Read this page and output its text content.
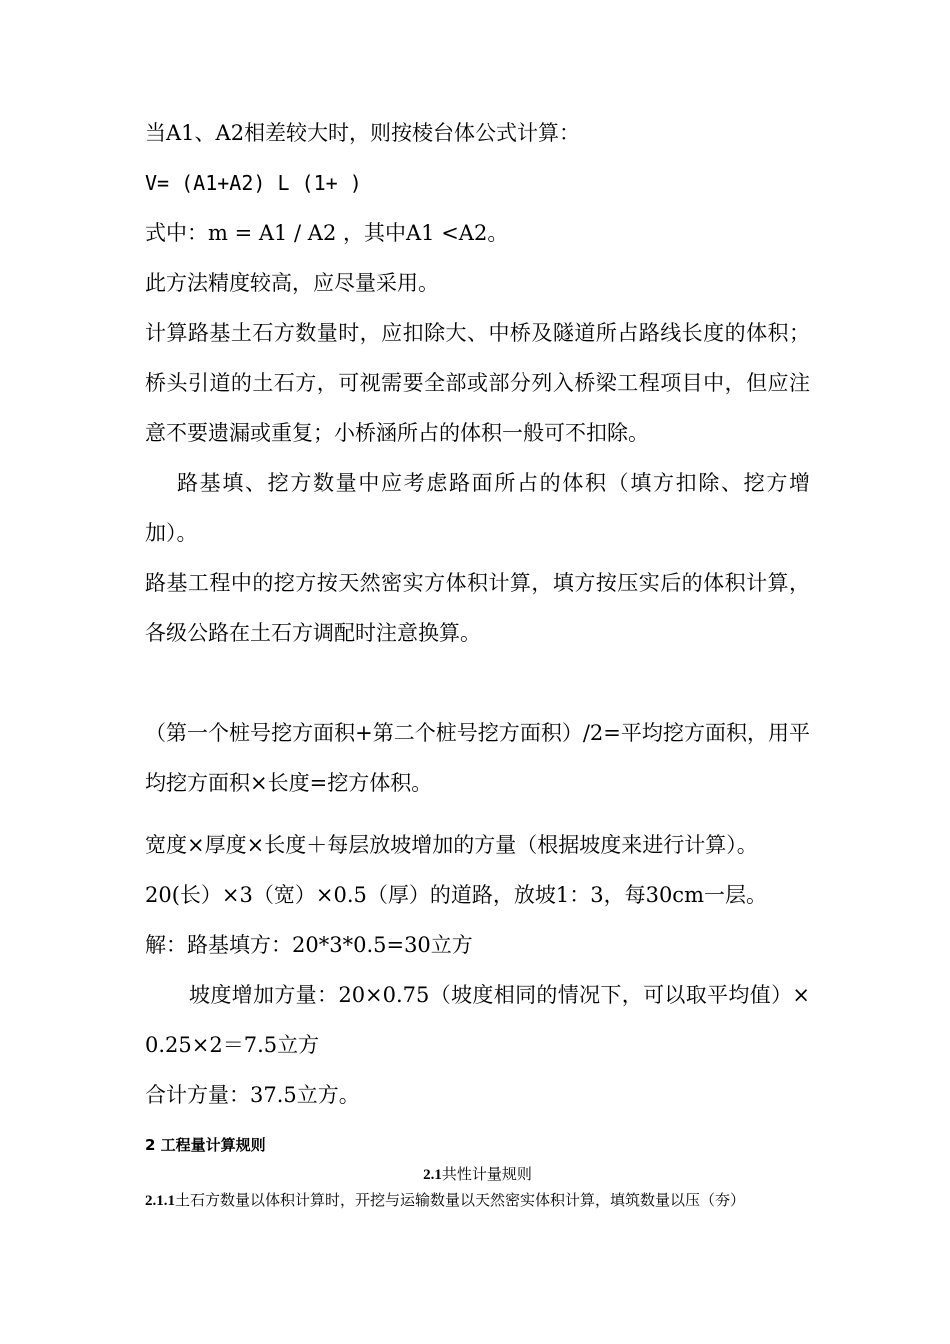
当A1、A2相差较大时，则按棱台体公式计算：

V= (A1+A2) L (1+ )

式中：m = A1 / A2 ，其中A1 <A2。

此方法精度较高，应尽量采用。

计算路基土石方数量时，应扣除大、中桥及隧道所占路线长度的体积；桥头引道的土石方，可视需要全部或部分列入桥梁工程项目中，但应注意不要遗漏或重复；小桥涵所占的体积一般可不扣除。

路基填、挖方数量中应考虑路面所占的体积（填方扣除、挖方增加）。

路基工程中的挖方按天然密实方体积计算，填方按压实后的体积计算，各级公路在土石方调配时注意换算。

（第一个桩号挖方面积+第二个桩号挖方面积）/2=平均挖方面积，用平均挖方面积×长度=挖方体积。

宽度×厚度×长度＋每层放坡增加的方量（根据坡度来进行计算）。

20(长）×3（宽）×0.5（厚）的道路，放坡1：3，每30cm一层。

解：路基填方：20*3*0.5=30立方

坡度增加方量：20×0.75（坡度相同的情况下，可以取平均值）×0.25×2＝7.5立方

合计方量：37.5立方。

2 工程量计算规则

2.1共性计量规则

2.1.1土石方数量以体积计算时，开挖与运输数量以天然密实体积计算，填筑数量以压（夯）
